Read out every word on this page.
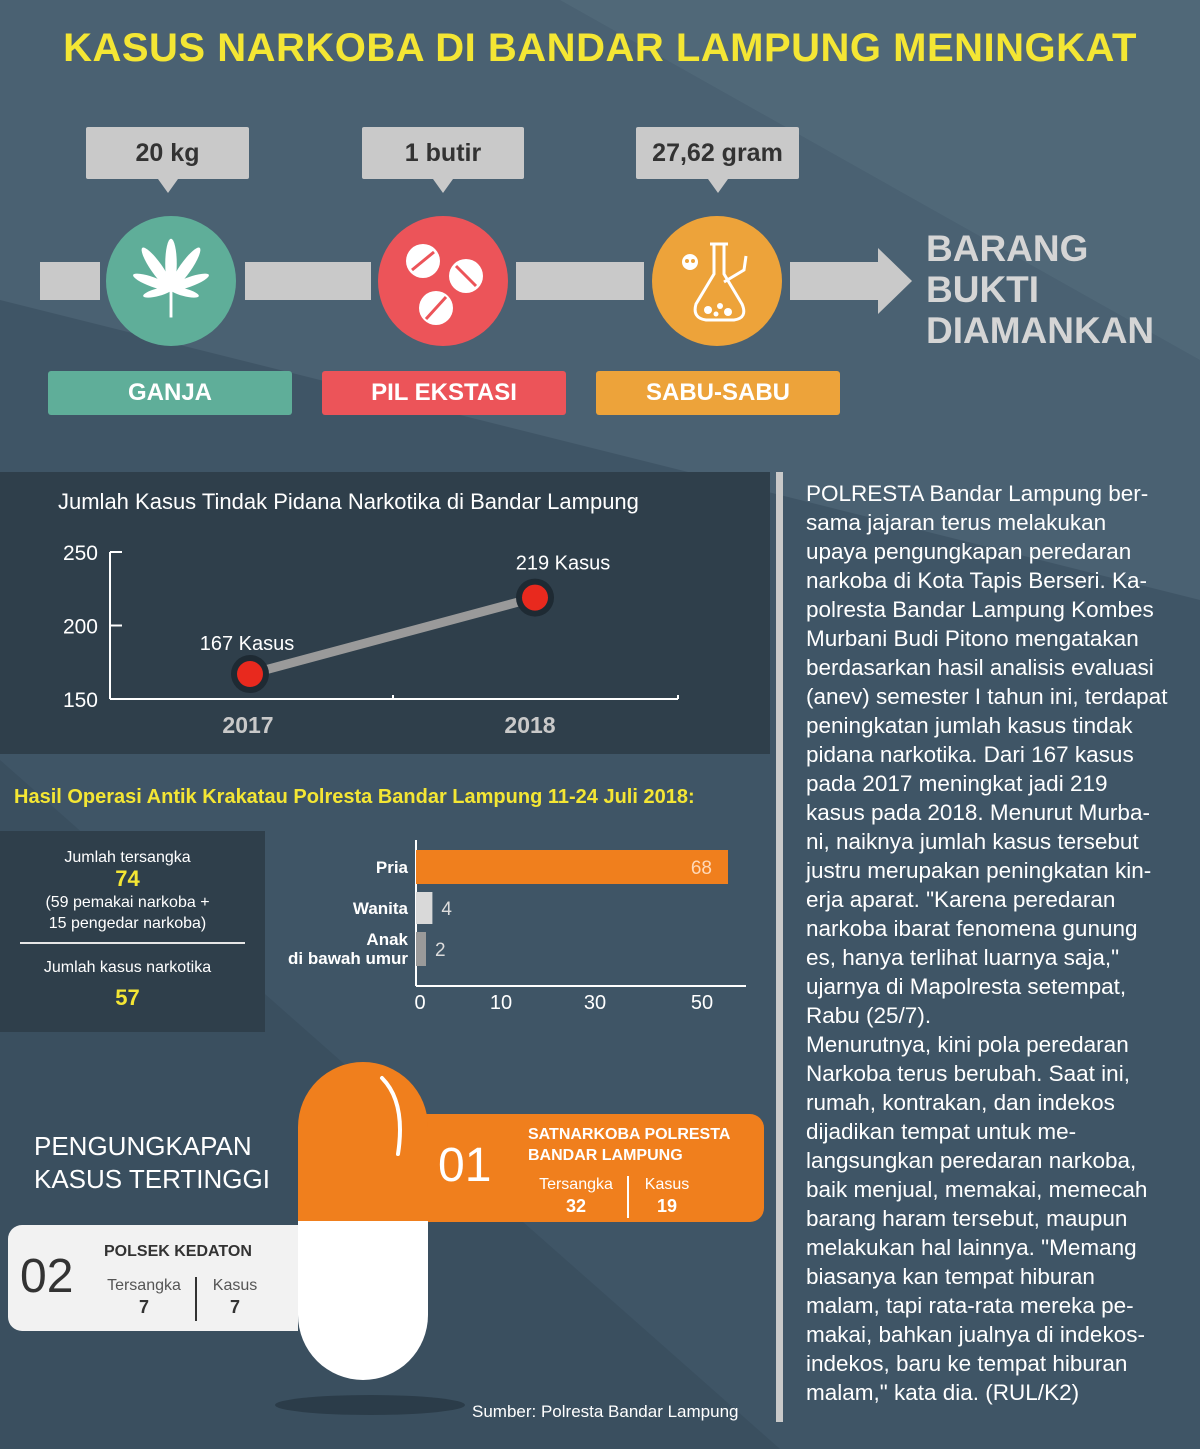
KASUS NARKOBA DI BANDAR LAMPUNG MENINGKAT
20 kg	1 butir	27,62 gram
GANJA	PIL EKSTASI	SABU-SABU
BARANG
BUKTI
DIAMANKAN
Jumlah Kasus Tindak Pidana Narkotika di Bandar Lampung
250
200
150
167 Kasus
2017
219 Kasus
2018
POLRESTA Bandar Lampung ber-
sama jajaran terus melakukan
upaya pengungkapan peredaran
narkoba di Kota Tapis Berseri. Ka-
polresta Bandar Lampung Kombes
Murbani Budi Pitono mengatakan
berdasarkan hasil analisis evaluasi
(anev) semester I tahun ini, terdapat
peningkatan jumlah kasus tindak
pidana narkotika. Dari 167 kasus
pada 2017 meningkat jadi 219
kasus pada 2018. Menurut Murba-
ni, naiknya jumlah kasus tersebut
justru merupakan peningkatan kin-
erja aparat. "Karena peredaran
narkoba ibarat fenomena gunung
es, hanya terlihat luarnya saja,"
ujarnya di Mapolresta setempat,
Rabu (25/7).
Menurutnya, kini pola peredaran
Narkoba terus berubah. Saat ini,
rumah, kontrakan, dan indekos
dijadikan tempat untuk me-
langsungkan peredaran narkoba,
baik menjual, memakai, memecah
barang haram tersebut, maupun
melakukan hal lainnya. "Memang
biasanya kan tempat hiburan
malam, tapi rata-rata mereka pe-
makai, bahkan jualnya di indekos-
indekos, baru ke tempat hiburan
malam," kata dia. (RUL/K2)
Hasil Operasi Antik Krakatau Polresta Bandar Lampung 11-24 Juli 2018:
Jumlah tersangka
74
(59 pemakai narkoba +
15 pengedar narkoba)
Jumlah kasus narkotika
57	0	10	30	50
Pria	68
Wanita 4
Anak
di bawah umur 2
PENGUNGKAPAN
KASUS TERTINGGI	01
SATNARKOBA POLRESTA
BANDAR LAMPUNG
Tersangka
32
Kasus
19
02 POLSEK KEDATON
Tersangka
7
Kasus
7
Sumber: Polresta Bandar Lampung
